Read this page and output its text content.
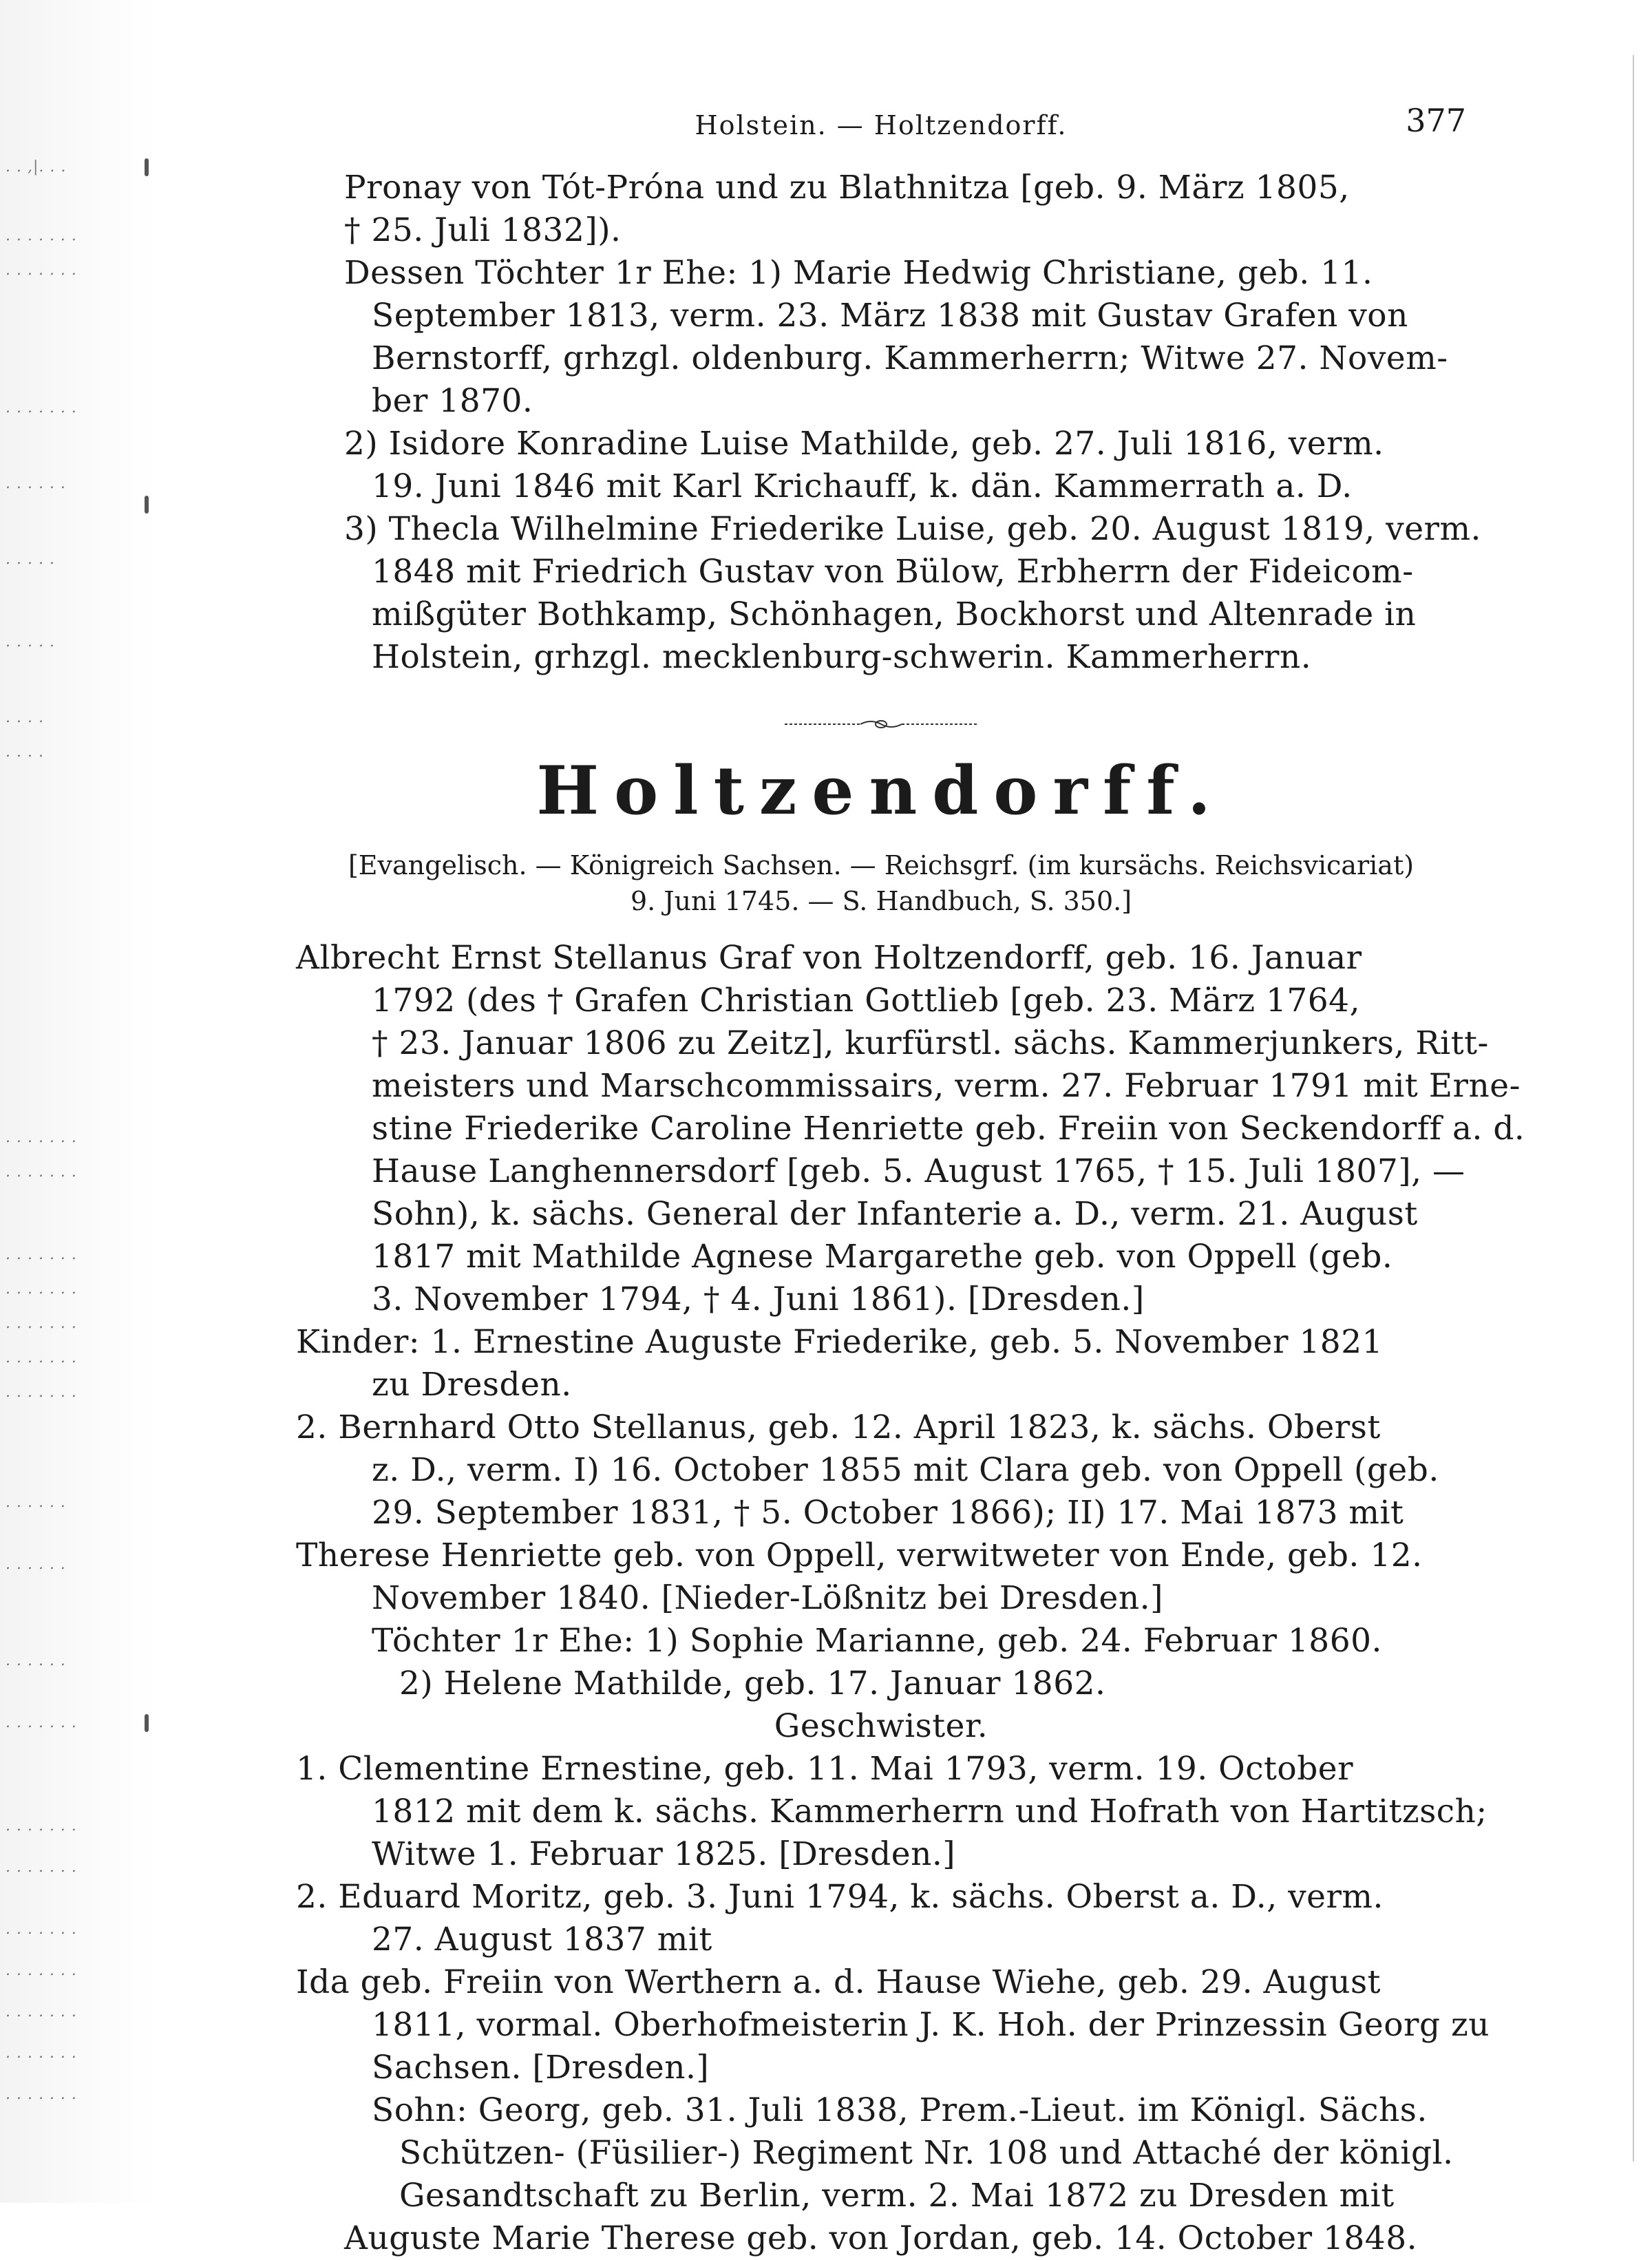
. . ,|. . .
. . . . . . .
. . . . . . .
. . . . . . .
. . . . . .
. . . . .
. . . . .
. . . .
. . . .
. . . . . . .
. . . . . . .
. . . . . . .
. . . . . . .
. . . . . . .
. . . . . . .
. . . . . . .
. . . . . .
. . . . . .
. . . . . .
. . . . . . .
. . . . . . .
. . . . . . .
. . . . . . .
. . . . . . .
. . . . . . .
. . . . . . .
. . . . . . .
Holstein. — Holtzendorff.	377
Pronay von Tót-Próna und zu Blathnitza [geb. 9. März 1805,
† 25. Juli 1832]).
Dessen Töchter 1r Ehe: 1) Marie Hedwig Christiane, geb. 11.
September 1813, verm. 23. März 1838 mit Gustav Grafen von
Bernstorff, grhzgl. oldenburg. Kammerherrn; Witwe 27. Novem-
ber 1870.
2) Isidore Konradine Luise Mathilde, geb. 27. Juli 1816, verm.
19. Juni 1846 mit Karl Krichauff, k. dän. Kammerrath a. D.
3) Thecla Wilhelmine Friederike Luise, geb. 20. August 1819, verm.
1848 mit Friedrich Gustav von Bülow, Erbherrn der Fideicom-
mißgüter Bothkamp, Schönhagen, Bockhorst und Altenrade in
Holstein, grhzgl. mecklenburg-schwerin. Kammerherrn.
Holtzendorff.
[Evangelisch. — Königreich Sachsen. — Reichsgrf. (im kursächs. Reichsvicariat)
9. Juni 1745. — S. Handbuch, S. 350.]
Albrecht Ernst Stellanus Graf von Holtzendorff, geb. 16. Januar
1792 (des † Grafen Christian Gottlieb [geb. 23. März 1764,
† 23. Januar 1806 zu Zeitz], kurfürstl. sächs. Kammerjunkers, Ritt-
meisters und Marschcommissairs, verm. 27. Februar 1791 mit Erne-
stine Friederike Caroline Henriette geb. Freiin von Seckendorff a. d.
Hause Langhennersdorf [geb. 5. August 1765, † 15. Juli 1807], —
Sohn), k. sächs. General der Infanterie a. D., verm. 21. August
1817 mit Mathilde Agnese Margarethe geb. von Oppell (geb.
3. November 1794, † 4. Juni 1861). [Dresden.]
Kinder: 1. Ernestine Auguste Friederike, geb. 5. November 1821
zu Dresden.
2. Bernhard Otto Stellanus, geb. 12. April 1823, k. sächs. Oberst
z. D., verm. I) 16. October 1855 mit Clara geb. von Oppell (geb.
29. September 1831, † 5. October 1866); II) 17. Mai 1873 mit
Therese Henriette geb. von Oppell, verwitweter von Ende, geb. 12.
November 1840. [Nieder-Lößnitz bei Dresden.]
Töchter 1r Ehe: 1) Sophie Marianne, geb. 24. Februar 1860.
2) Helene Mathilde, geb. 17. Januar 1862.
Geschwister.
1. Clementine Ernestine, geb. 11. Mai 1793, verm. 19. October
1812 mit dem k. sächs. Kammerherrn und Hofrath von Hartitzsch;
Witwe 1. Februar 1825. [Dresden.]
2. Eduard Moritz, geb. 3. Juni 1794, k. sächs. Oberst a. D., verm.
27. August 1837 mit
Ida geb. Freiin von Werthern a. d. Hause Wiehe, geb. 29. August
1811, vormal. Oberhofmeisterin J. K. Hoh. der Prinzessin Georg zu
Sachsen. [Dresden.]
Sohn: Georg, geb. 31. Juli 1838, Prem.-Lieut. im Königl. Sächs.
Schützen- (Füsilier-) Regiment Nr. 108 und Attaché der königl.
Gesandtschaft zu Berlin, verm. 2. Mai 1872 zu Dresden mit
Auguste Marie Therese geb. von Jordan, geb. 14. October 1848.
